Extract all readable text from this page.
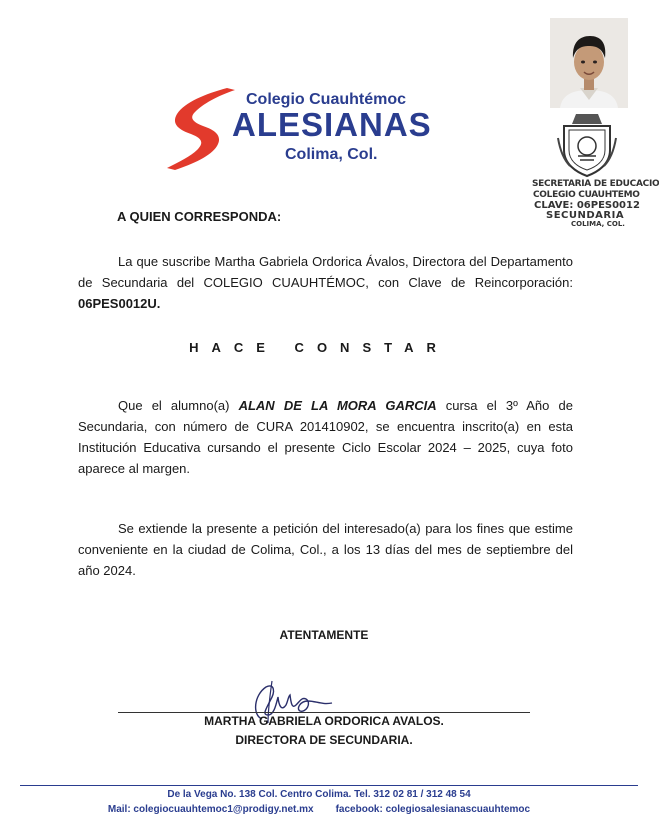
Colegio Cuauhtémoc
ALESIANAS
Colima, Col.
SECRETARIA DE EDUCACIO
COLEGIO CUAUHTEMO
CLAVE: 06PES0012
SECUNDARIA
COLIMA, COL.
A QUIEN CORRESPONDA:
La que suscribe Martha Gabriela Ordorica Ávalos, Directora del Departamento de Secundaria del COLEGIO CUAUHTÉMOC, con Clave de Reincorporación: 06PES0012U.
HACE CONSTAR
Que el alumno(a) ALAN DE LA MORA GARCIA cursa el 3º Año de Secundaria, con número de CURA 201410902, se encuentra inscrito(a) en esta Institución Educativa cursando el presente Ciclo Escolar 2024 – 2025, cuya foto aparece al margen.
Se extiende la presente a petición del interesado(a) para los fines que estime conveniente en la ciudad de Colima, Col., a los 13 días del mes de septiembre del año 2024.
ATENTAMENTE
MARTHA GABRIELA ORDORICA AVALOS.
DIRECTORA DE SECUNDARIA.
De la Vega No. 138 Col. Centro Colima. Tel. 312 02 81 / 312 48 54
Mail: colegiocuauhtemoc1@prodigy.net.mx facebook: colegiosalesianascuauhtemoc
